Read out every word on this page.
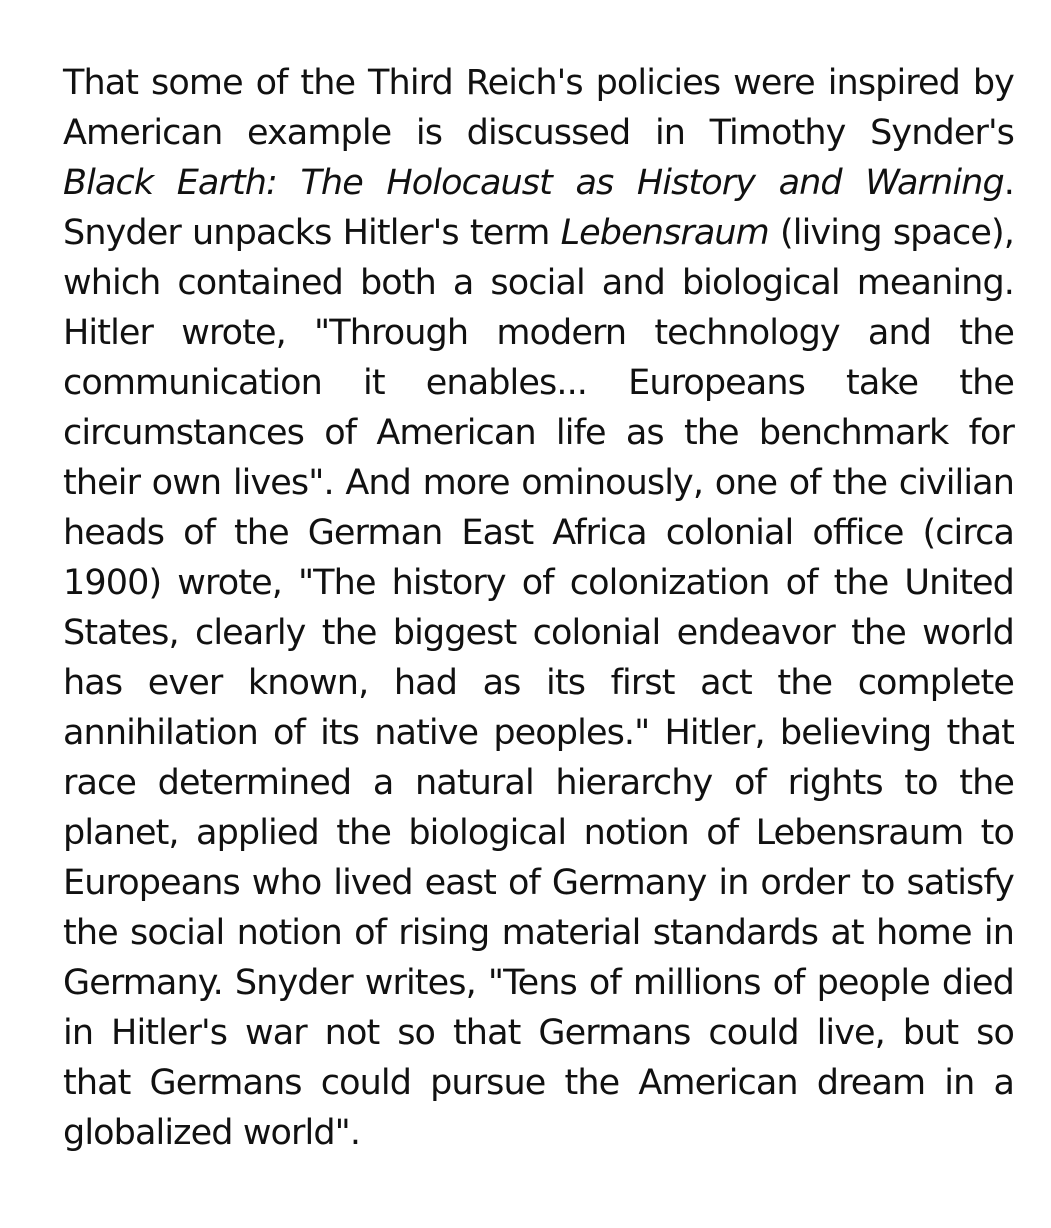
That some of the Third Reich's policies were inspired by American example is discussed in Timothy Synder's Black Earth: The Holocaust as History and Warning. Snyder unpacks Hitler's term Lebensraum (living space), which contained both a social and biological meaning. Hitler wrote, "Through modern technology and the communication it enables... Europeans take the circumstances of American life as the benchmark for their own lives". And more ominously, one of the civilian heads of the German East Africa colonial office (circa 1900) wrote, "The history of colonization of the United States, clearly the biggest colonial endeavor the world has ever known, had as its first act the complete annihilation of its native peoples." Hitler, believing that race determined a natural hierarchy of rights to the planet, applied the biological notion of Lebensraum to Europeans who lived east of Germany in order to satisfy the social notion of rising material standards at home in Germany. Snyder writes, "Tens of millions of people died in Hitler's war not so that Germans could live, but so that Germans could pursue the American dream in a globalized world".
